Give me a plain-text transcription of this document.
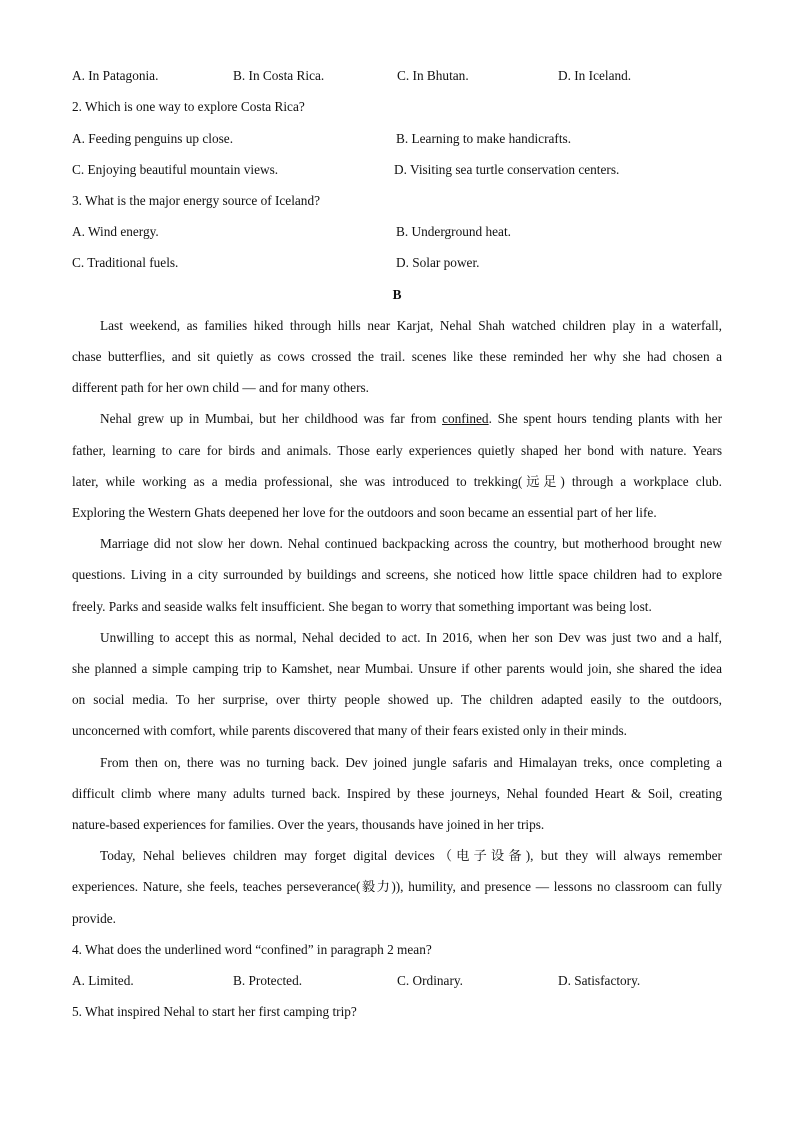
A. In Patagonia.	B. In Costa Rica.	C. In Bhutan.	D. In Iceland.
2. Which is one way to explore Costa Rica?
A. Feeding penguins up close.	B. Learning to make handicrafts.
C. Enjoying beautiful mountain views.	D. Visiting sea turtle conservation centers.
3. What is the major energy source of Iceland?
A. Wind energy.	B. Underground heat.
C. Traditional fuels.	D. Solar power.
B
Last weekend, as families hiked through hills near Karjat, Nehal Shah watched children play in a waterfall,
chase butterflies, and sit quietly as cows crossed the trail. scenes like these reminded her why she had chosen a
different path for her own child — and for many others.
Nehal grew up in Mumbai, but her childhood was far from confined. She spent hours tending plants with her
father, learning to care for birds and animals. Those early experiences quietly shaped her bond with nature. Years
later, while working as a media professional, she was introduced to trekking(远足) through a workplace club.
Exploring the Western Ghats deepened her love for the outdoors and soon became an essential part of her life.
Marriage did not slow her down. Nehal continued backpacking across the country, but motherhood brought new
questions. Living in a city surrounded by buildings and screens, she noticed how little space children had to explore
freely. Parks and seaside walks felt insufficient. She began to worry that something important was being lost.
Unwilling to accept this as normal, Nehal decided to act. In 2016, when her son Dev was just two and a half,
she planned a simple camping trip to Kamshet, near Mumbai. Unsure if other parents would join, she shared the idea
on social media. To her surprise, over thirty people showed up. The children adapted easily to the outdoors,
unconcerned with comfort, while parents discovered that many of their fears existed only in their minds.
From then on, there was no turning back. Dev joined jungle safaris and Himalayan treks, once completing a
difficult climb where many adults turned back. Inspired by these journeys, Nehal founded Heart & Soil, creating
nature-based experiences for families. Over the years, thousands have joined in her trips.
Today, Nehal believes children may forget digital devices（电子设备), but they will always remember
experiences. Nature, she feels, teaches perseverance(毅力)), humility, and presence — lessons no classroom can fully
provide.
4. What does the underlined word “confined” in paragraph 2 mean?
A. Limited.	B. Protected.	C. Ordinary.	D. Satisfactory.
5. What inspired Nehal to start her first camping trip?
